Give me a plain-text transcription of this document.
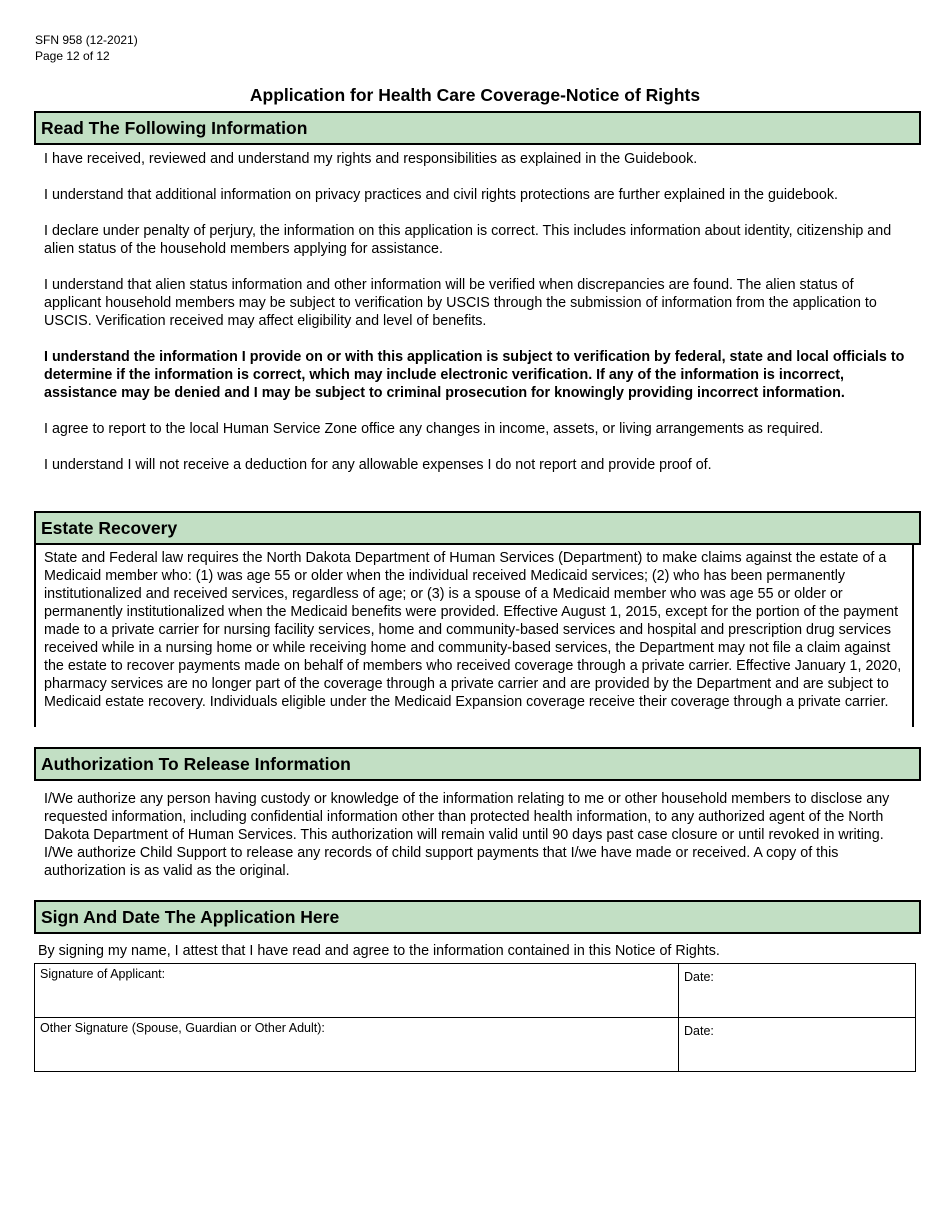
SFN 958 (12-2021)
Page 12 of 12
Application for Health Care Coverage-Notice of Rights
Read The Following Information

I have received, reviewed and understand my rights and responsibilities as explained in the Guidebook.

I understand that additional information on privacy practices and civil rights protections are further explained in the guidebook.

I declare under penalty of perjury, the information on this application is correct. This includes information about identity, citizenship and alien status of the household members applying for assistance.

I understand that alien status information and other information will be verified when discrepancies are found. The alien status of applicant household members may be subject to verification by USCIS through the submission of information from the application to USCIS. Verification received may affect eligibility and level of benefits.

I understand the information I provide on or with this application is subject to verification by federal, state and local officials to determine if the information is correct, which may include electronic verification. If any of the information is incorrect, assistance may be denied and I may be subject to criminal prosecution for knowingly providing incorrect information.

I agree to report to the local Human Service Zone office any changes in income, assets, or living arrangements as required.

I understand I will not receive a deduction for any allowable expenses I do not report and provide proof of.

Estate Recovery

State and Federal law requires the North Dakota Department of Human Services (Department) to make claims against the estate of a Medicaid member who: (1) was age 55 or older when the individual received Medicaid services; (2) who has been permanently institutionalized and received services, regardless of age; or (3) is a spouse of a Medicaid member who was age 55 or older or permanently institutionalized when the Medicaid benefits were provided. Effective August 1, 2015, except for the portion of the payment made to a private carrier for nursing facility services, home and community-based services and hospital and prescription drug services received while in a nursing home or while receiving home and community-based services, the Department may not file a claim against the estate to recover payments made on behalf of members who received coverage through a private carrier. Effective January 1, 2020, pharmacy services are no longer part of the coverage through a private carrier and are provided by the Department and are subject to Medicaid estate recovery. Individuals eligible under the Medicaid Expansion coverage receive their coverage through a private carrier.

Authorization To Release Information

I/We authorize any person having custody or knowledge of the information relating to me or other household members to disclose any requested information, including confidential information other than protected health information, to any authorized agent of the North Dakota Department of Human Services. This authorization will remain valid until 90 days past case closure or until revoked in writing. I/We authorize Child Support to release any records of child support payments that I/we have made or received. A copy of this authorization is as valid as the original.

Sign And Date The Application Here

By signing my name, I attest that I have read and agree to the information contained in this Notice of Rights.

Signature of Applicant:	Date:
Other Signature (Spouse, Guardian or Other Adult):	Date:
